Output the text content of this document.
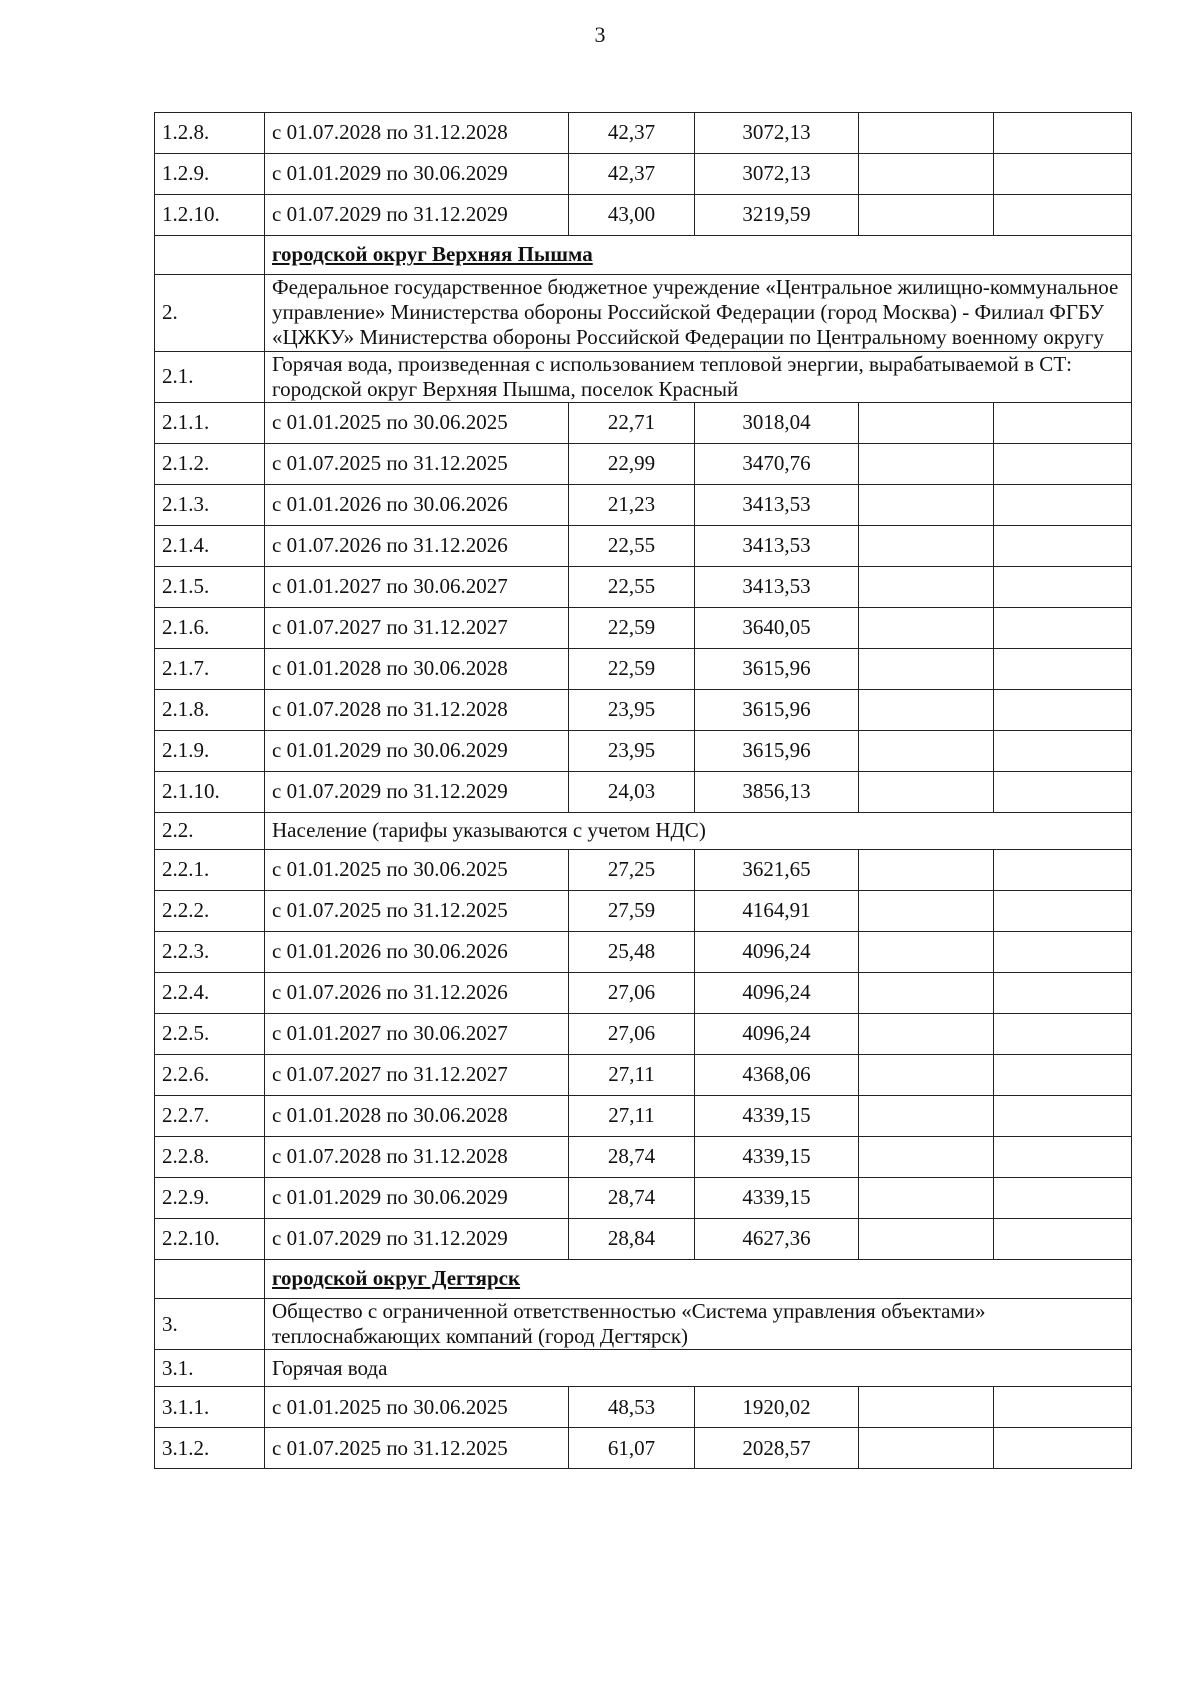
3
1.2.8.	с 01.07.2028 по 31.12.2028	42,37	3072,13		
1.2.9.	с 01.01.2029 по 30.06.2029	42,37	3072,13		
1.2.10.	с 01.07.2029 по 31.12.2029	43,00	3219,59		
	городской округ Верхняя Пышма				
2.	Федеральное государственное бюджетное учреждение «Центральное жилищно-коммунальное управление» Министерства обороны Российской Федерации (город Москва) - Филиал ФГБУ «ЦЖКУ» Министерства обороны Российской Федерации по Центральному военному округу				
2.1.	Горячая вода, произведенная с использованием тепловой энергии, вырабатываемой в СТ: городской округ Верхняя Пышма, поселок Красный				
2.1.1.	с 01.01.2025 по 30.06.2025	22,71	3018,04		
2.1.2.	с 01.07.2025 по 31.12.2025	22,99	3470,76		
2.1.3.	с 01.01.2026 по 30.06.2026	21,23	3413,53		
2.1.4.	с 01.07.2026 по 31.12.2026	22,55	3413,53		
2.1.5.	с 01.01.2027 по 30.06.2027	22,55	3413,53		
2.1.6.	с 01.07.2027 по 31.12.2027	22,59	3640,05		
2.1.7.	с 01.01.2028 по 30.06.2028	22,59	3615,96		
2.1.8.	с 01.07.2028 по 31.12.2028	23,95	3615,96		
2.1.9.	с 01.01.2029 по 30.06.2029	23,95	3615,96		
2.1.10.	с 01.07.2029 по 31.12.2029	24,03	3856,13		
2.2.	Население (тарифы указываются с учетом НДС)				
2.2.1.	с 01.01.2025 по 30.06.2025	27,25	3621,65		
2.2.2.	с 01.07.2025 по 31.12.2025	27,59	4164,91		
2.2.3.	с 01.01.2026 по 30.06.2026	25,48	4096,24		
2.2.4.	с 01.07.2026 по 31.12.2026	27,06	4096,24		
2.2.5.	с 01.01.2027 по 30.06.2027	27,06	4096,24		
2.2.6.	с 01.07.2027 по 31.12.2027	27,11	4368,06		
2.2.7.	с 01.01.2028 по 30.06.2028	27,11	4339,15		
2.2.8.	с 01.07.2028 по 31.12.2028	28,74	4339,15		
2.2.9.	с 01.01.2029 по 30.06.2029	28,74	4339,15		
2.2.10.	с 01.07.2029 по 31.12.2029	28,84	4627,36		
	городской округ Дегтярск				
3.	Общество с ограниченной ответственностью «Система управления объектами» теплоснабжающих компаний (город Дегтярск)				
3.1.	Горячая вода				
3.1.1.	с 01.01.2025 по 30.06.2025	48,53	1920,02		
3.1.2.	с 01.07.2025 по 31.12.2025	61,07	2028,57		
